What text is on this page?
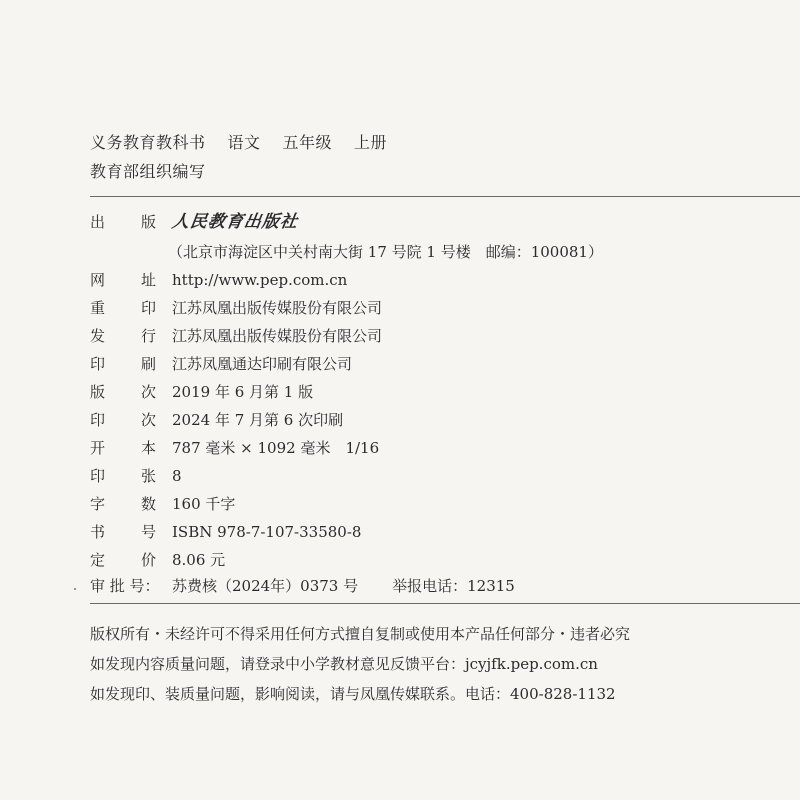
义务教育教科书 语文 五年级 上册
教育部组织编写
出 版 人民教育出版社
（北京市海淀区中关村南大街 17 号院 1 号楼　邮编：100081）
网 址 http://www.pep.com.cn
重 印 江苏凤凰出版传媒股份有限公司
发 行 江苏凤凰出版传媒股份有限公司
印 刷 江苏凤凰通达印刷有限公司
版 次 2019 年 6 月第 1 版
印 次 2024 年 7 月第 6 次印刷
开 本 787 毫米 × 1092 毫米　1/16
印 张 8
字 数 160 千字
书 号 ISBN 978-7-107-33580-8
定 价 8.06 元
审 批 号： 苏费核（2024年）0373 号 举报电话：12315
版权所有・未经许可不得采用任何方式擅自复制或使用本产品任何部分・违者必究
如发现内容质量问题，请登录中小学教材意见反馈平台：jcyjfk.pep.com.cn
如发现印、装质量问题，影响阅读，请与凤凰传媒联系。电话：400-828-1132
